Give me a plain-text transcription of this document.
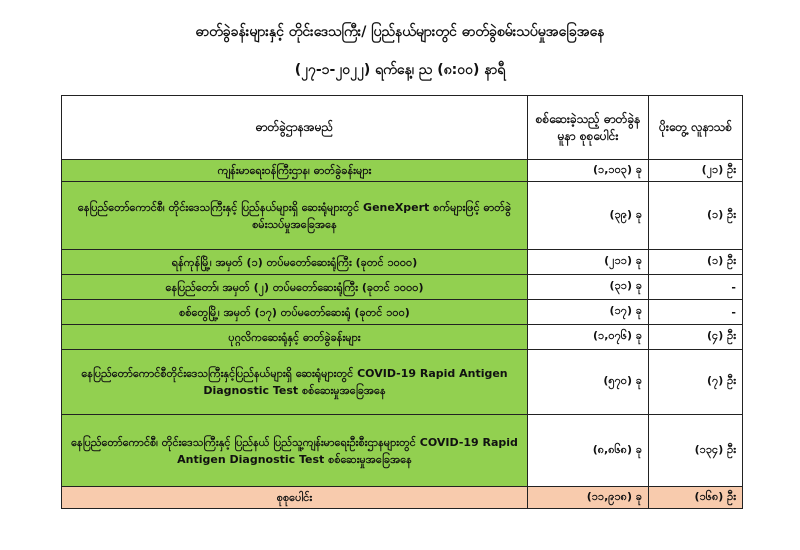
ဓာတ်ခွဲခန်းများနှင့် တိုင်းဒေသကြီး/ ပြည်နယ်များတွင် ဓာတ်ခွဲစမ်းသပ်မှုအခြေအနေ
(၂၇-၁-၂၀၂၂) ရက်နေ့၊ ည (၈:၀၀) နာရီ
ဓာတ်ခွဲဌာနအမည်	စစ်ဆေးခဲ့သည့် ဓာတ်ခွဲနမူနာ စုစုပေါင်း	ပိုးတွေ့ လူနာသစ်
ကျန်းမာရေးဝန်ကြီးဌာန၊ ဓာတ်ခွဲခန်းများ	(၁,၁၀၃) ခု	(၂၁) ဦး
နေပြည်တော်ကောင်စီ၊ တိုင်းဒေသကြီးနှင့် ပြည်နယ်များရှိ ဆေးရုံများတွင် GeneXpert စက်များဖြင့် ဓာတ်ခွဲစမ်းသပ်မှုအခြေအနေ	(၃၉) ခု	(၁) ဦး
ရန်ကုန်မြို့၊ အမှတ် (၁) တပ်မတော်ဆေးရုံကြီး (ခုတင် ၁၀၀၀)	(၂၁၁) ခု	(၁) ဦး
နေပြည်တော်၊ အမှတ် (၂) တပ်မတော်ဆေးရုံကြီး (ခုတင် ၁၀၀၀)	(၃၁) ခု	-
စစ်တွေမြို့၊ အမှတ် (၁၇) တပ်မတော်ဆေးရုံ (ခုတင် ၁၀၀)	(၁၇) ခု	-
ပုဂ္ဂလိကဆေးရုံနှင့် ဓာတ်ခွဲခန်းများ	(၁,၀၇၆) ခု	(၄) ဦး
နေပြည်တော်ကောင်စီတိုင်းဒေသကြီးနှင့်ပြည်နယ်များရှိ ဆေးရုံများတွင် COVID-19 Rapid Antigen Diagnostic Test စစ်ဆေးမှုအခြေအနေ	(၅၇၀) ခု	(၇) ဦး
နေပြည်တော်ကောင်စီ၊ တိုင်းဒေသကြီးနှင့် ပြည်နယ် ပြည်သူ့ကျန်းမာရေးဦးစီးဌာနများတွင် COVID-19 Rapid Antigen Diagnostic Test စစ်ဆေးမှုအခြေအနေ	(၈,၈၆၈) ခု	(၁၃၄) ဦး
စုစုပေါင်း	(၁၁,၉၁၈) ခု	(၁၆၈) ဦး
